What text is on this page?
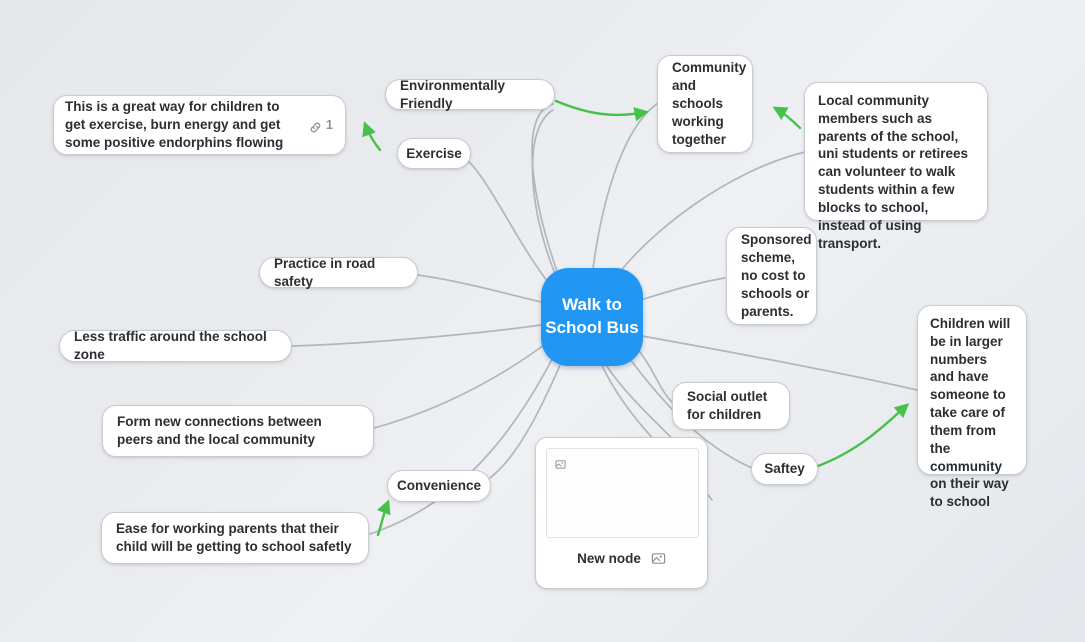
Walk to School Bus
Environmentally Friendly
Exercise
This is a great way for children to get exercise, burn energy and get some positive endorphins flowing
1
Community and schools working together
Local community members such as parents of the school, uni students or retirees can volunteer to walk students within a few blocks to school, instead of using transport.
Sponsored scheme, no cost to schools or parents.
Practice in road safety
Less traffic around the school zone
Social outlet for children
Saftey
Children will be in larger numbers and have someone to take care of them from the community on their way to school
Form new connections between peers and the local community
Convenience
Ease for working parents that their child will be getting to school safetly
New node
